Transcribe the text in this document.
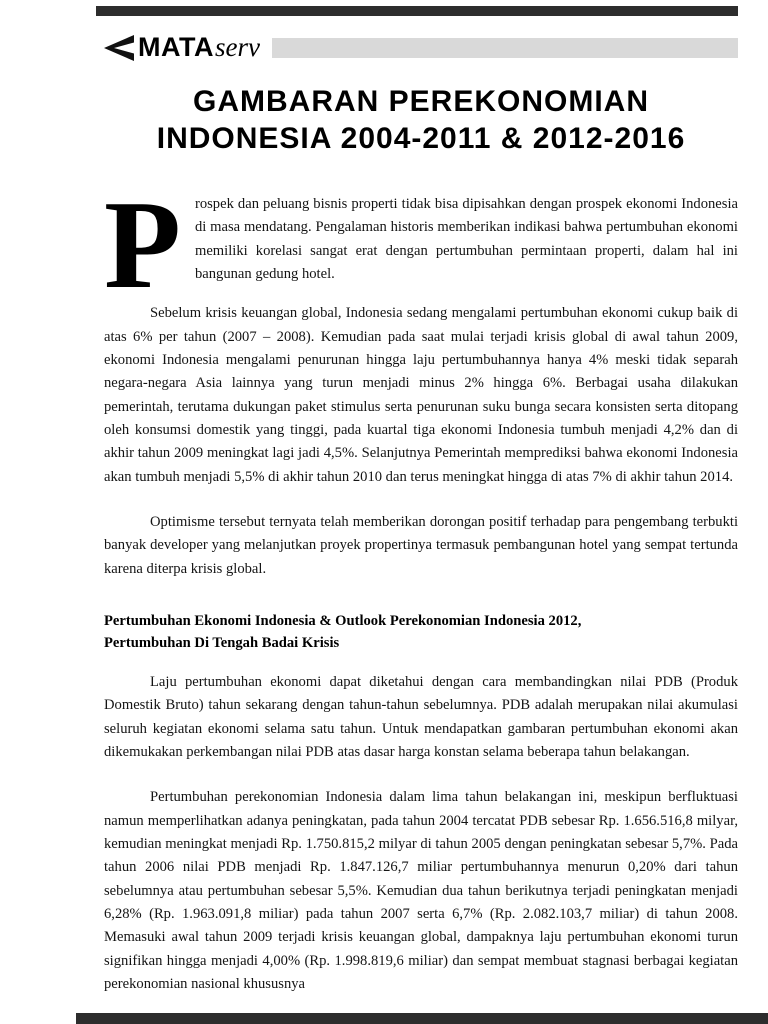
MATA serv
GAMBARAN PEREKONOMIAN
INDONESIA 2004-2011 & 2012-2016

P rospek dan peluang bisnis properti tidak bisa dipisahkan dengan prospek ekonomi Indonesia di masa mendatang. Pengalaman historis memberikan indikasi bahwa pertumbuhan ekonomi memiliki korelasi sangat erat dengan pertumbuhan permintaan properti, dalam hal ini bangunan gedung hotel.

Sebelum krisis keuangan global, Indonesia sedang mengalami pertumbuhan ekonomi cukup baik di atas 6% per tahun (2007 – 2008). Kemudian pada saat mulai terjadi krisis global di awal tahun 2009, ekonomi Indonesia mengalami penurunan hingga laju pertumbuhannya hanya 4% meski tidak separah negara-negara Asia lainnya yang turun menjadi minus 2% hingga 6%. Berbagai usaha dilakukan pemerintah, terutama dukungan paket stimulus serta penurunan suku bunga secara konsisten serta ditopang oleh konsumsi domestik yang tinggi, pada kuartal tiga ekonomi Indonesia tumbuh menjadi 4,2% dan di akhir tahun 2009 meningkat lagi jadi 4,5%. Selanjutnya Pemerintah memprediksi bahwa ekonomi Indonesia akan tumbuh menjadi 5,5% di akhir tahun 2010 dan terus meningkat hingga di atas 7% di akhir tahun 2014.

Optimisme tersebut ternyata telah memberikan dorongan positif terhadap para pengembang terbukti banyak developer yang melanjutkan proyek propertinya termasuk pembangunan hotel yang sempat tertunda karena diterpa krisis global.

Pertumbuhan Ekonomi Indonesia & Outlook Perekonomian Indonesia 2012,
Pertumbuhan Di Tengah Badai Krisis

Laju pertumbuhan ekonomi dapat diketahui dengan cara membandingkan nilai PDB (Produk Domestik Bruto) tahun sekarang dengan tahun-tahun sebelumnya. PDB adalah merupakan nilai akumulasi seluruh kegiatan ekonomi selama satu tahun. Untuk mendapatkan gambaran pertumbuhan ekonomi akan dikemukakan perkembangan nilai PDB atas dasar harga konstan selama beberapa tahun belakangan.

Pertumbuhan perekonomian Indonesia dalam lima tahun belakangan ini, meskipun berfluktuasi namun memperlihatkan adanya peningkatan, pada tahun 2004 tercatat PDB sebesar Rp. 1.656.516,8 milyar, kemudian meningkat menjadi Rp. 1.750.815,2 milyar di tahun 2005 dengan peningkatan sebesar 5,7%. Pada tahun 2006 nilai PDB menjadi Rp. 1.847.126,7 miliar pertumbuhannya menurun 0,20% dari tahun sebelumnya atau pertumbuhan sebesar 5,5%. Kemudian dua tahun berikutnya terjadi peningkatan menjadi 6,28% (Rp. 1.963.091,8 miliar) pada tahun 2007 serta 6,7% (Rp. 2.082.103,7 miliar) di tahun 2008. Memasuki awal tahun 2009 terjadi krisis keuangan global, dampaknya laju pertumbuhan ekonomi turun signifikan hingga menjadi 4,00% (Rp. 1.998.819,6 miliar) dan sempat membuat stagnasi berbagai kegiatan perekonomian nasional khususnya
